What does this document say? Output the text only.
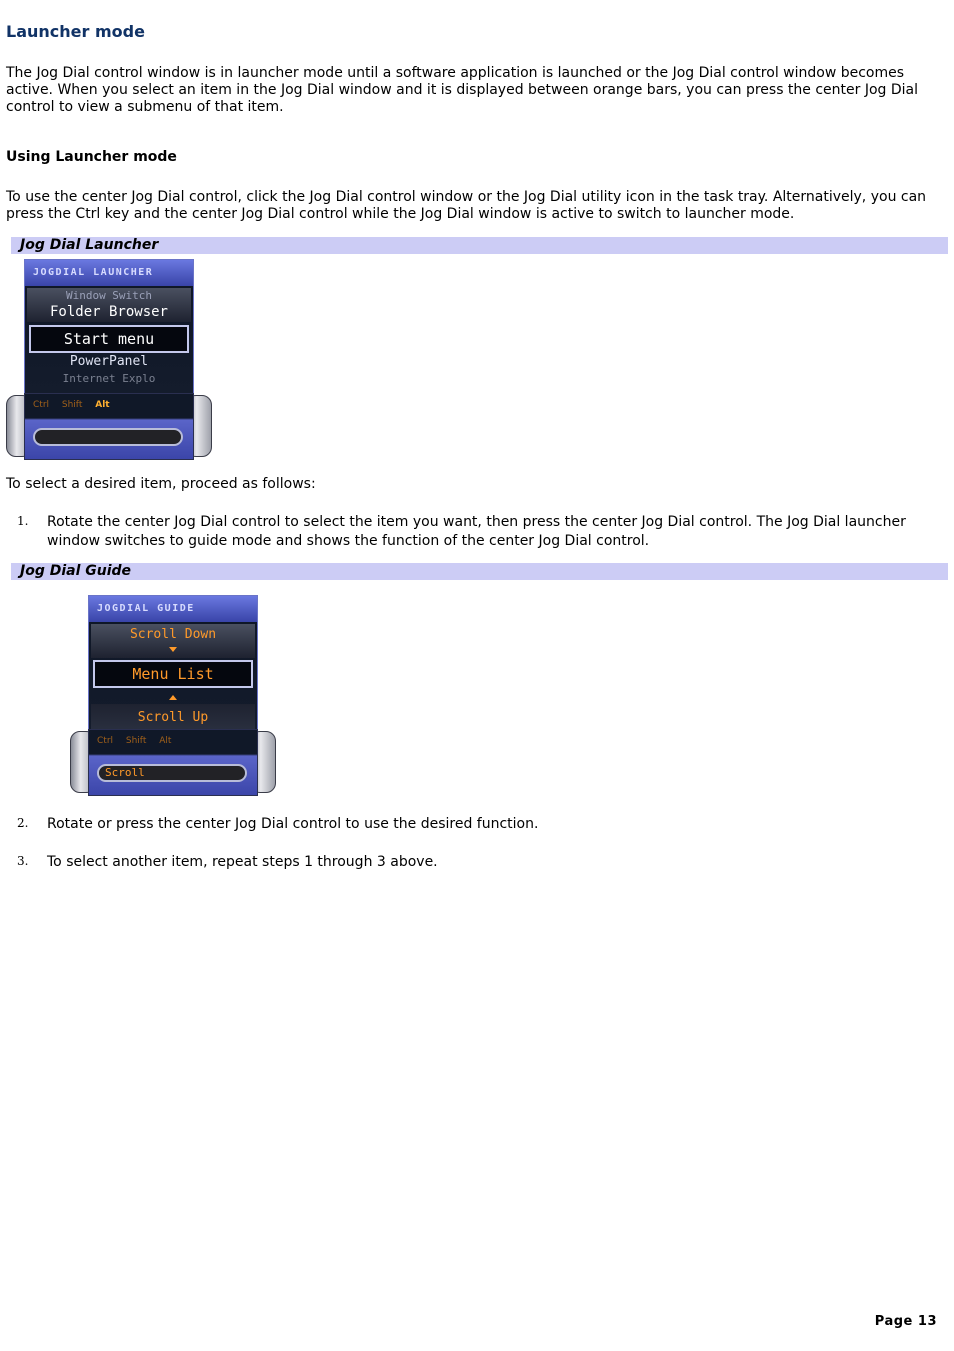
Launcher mode

The Jog Dial control window is in launcher mode until a software application is launched or the Jog Dial control window becomes active. When you select an item in the Jog Dial window and it is displayed between orange bars, you can press the center Jog Dial control to view a submenu of that item.

Using Launcher mode

To use the center Jog Dial control, click the Jog Dial control window or the Jog Dial utility icon in the task tray. Alternatively, you can press the Ctrl key and the center Jog Dial control while the Jog Dial window is active to switch to launcher mode.

Jog Dial Launcher
JOGDIAL LAUNCHER
Window Switch
Folder Browser
Start menu
PowerPanel
Internet Explo
Ctrl Shift Alt

To select a desired item, proceed as follows:

1. Rotate the center Jog Dial control to select the item you want, then press the center Jog Dial control. The Jog Dial launcher window switches to guide mode and shows the function of the center Jog Dial control.
Jog Dial Guide
2. Rotate or press the center Jog Dial control to use the desired function.
3. To select another item, repeat steps 1 through 3 above.
Page 13
JOGDIAL GUIDE
Scroll Down
Menu List
Scroll Up
Ctrl Shift Alt
Scroll
